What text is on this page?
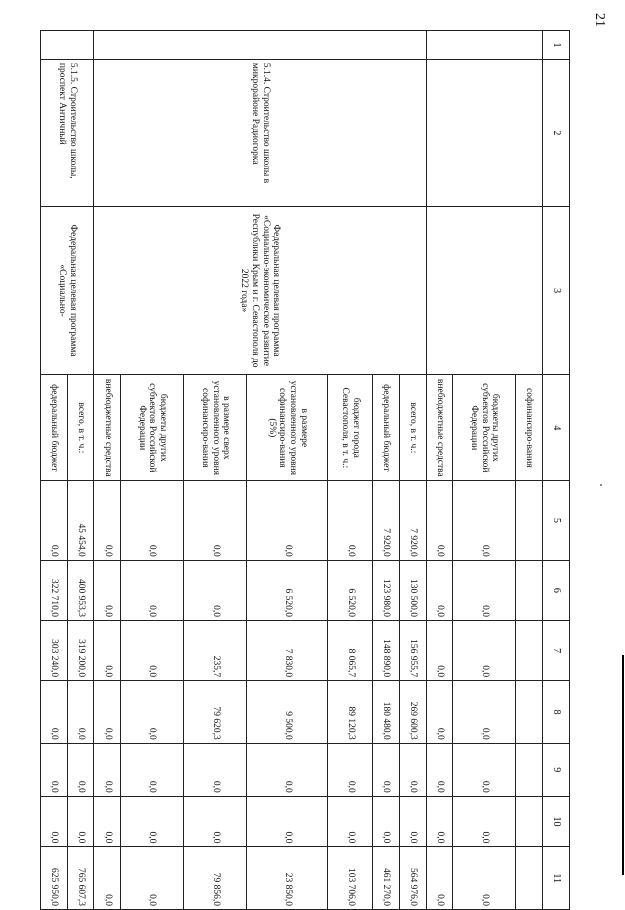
21
1	2	3	4	5	6	7	8	9	10	11
			софинансиро-вания							
			бюджеты других субъектов Российской Федерации	0,0	0,0	0,0	0,0	0,0	0,0	0,0
			внебюджетные средства	0,0	0,0	0,0	0,0	0,0	0,0	0,0
	5.1.4. Строительство школы в микрорайоне Радиогорка	Федеральная целевая программа «Социально-экономическое развитие Республики Крым и г. Севастополя до 2022 года»	всего, в т. ч.:	7 920,0	130 500,0	156 955,7	269 600,3	0,0	0,0	564 976,0
			федеральный бюджет	7 920,0	123 980,0	148 890,0	180 480,0	0,0	0,0	461 270,0
			бюджет города Севастополя, в т. ч.:	0,0	6 520,0	8 065,7	89 120,3	0,0	0,0	103 706,0
			в размере установленного уровня софинансиро-вания (5%)	0,0	6 520,0	7 830,0	9 500,0	0,0	0,0	23 850,0
			в размере сверх установленного уровня софинансиро-вания	0,0	0,0	235,7	79 620,3	0,0	0,0	79 856,0
			бюджеты других субъектов Российской Федерации	0,0	0,0	0,0	0,0	0,0	0,0	0,0
			внебюджетные средства	0,0	0,0	0,0	0,0	0,0	0,0	0,0
	5.1.5. Строительство школы, проспект Античный	Федеральная целевая программа «Социально-	всего, в т. ч.:	45 454,0	400 953,3	319 200,0	0,0	0,0	0,0	765 607,3
			федеральный бюджет	0,0	322 710,0	303 240,0	0,0	0,0	0,0	625 950,0
